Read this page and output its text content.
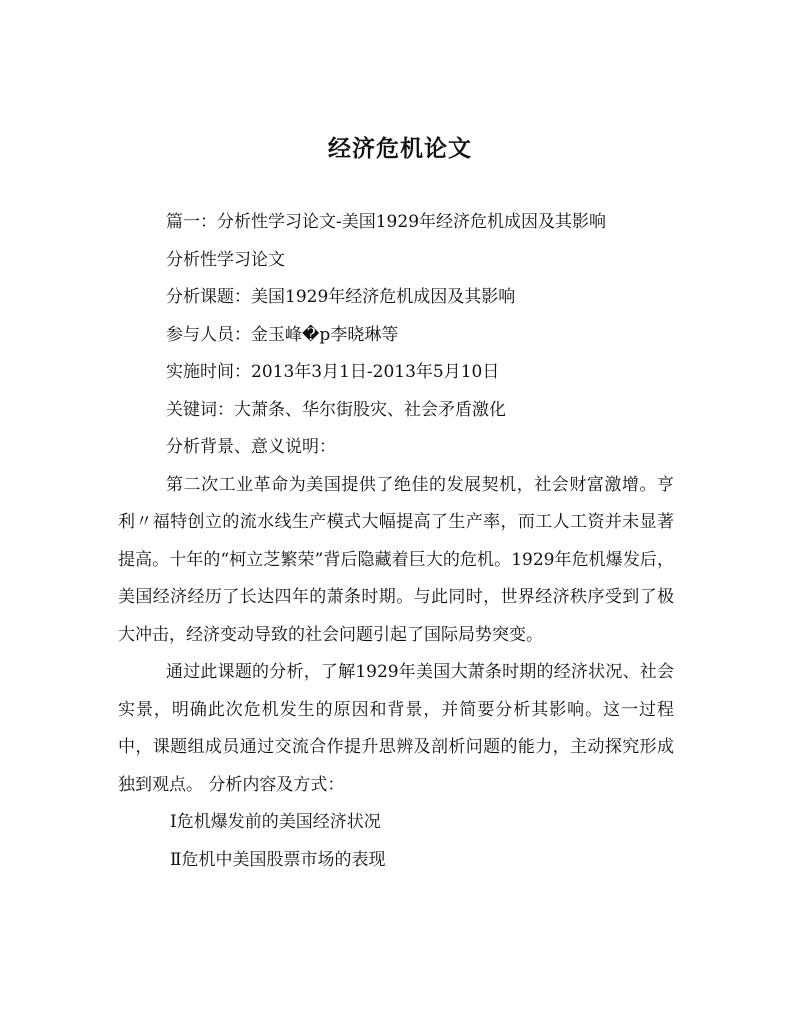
经济危机论文

篇一：分析性学习论文-美国1929年经济危机成因及其影响

分析性学习论文

分析课题：美国1929年经济危机成因及其影响

参与人员：金玉峰�p李晓琳等

实施时间：2013年3月1日-2013年5月10日

关键词：大萧条、华尔街股灾、社会矛盾激化

分析背景、意义说明：

第二次工业革命为美国提供了绝佳的发展契机，社会财富激增。亨利〃福特创立的流水线生产模式大幅提高了生产率，而工人工资并未显著提高。十年的“柯立芝繁荣”背后隐藏着巨大的危机。1929年危机爆发后，美国经济经历了长达四年的萧条时期。与此同时，世界经济秩序受到了极大冲击，经济变动导致的社会问题引起了国际局势突变。

通过此课题的分析，了解1929年美国大萧条时期的经济状况、社会实景，明确此次危机发生的原因和背景，并简要分析其影响。这一过程中，课题组成员通过交流合作提升思辨及剖析问题的能力，主动探究形成独到观点。 分析内容及方式：

Ⅰ危机爆发前的美国经济状况

Ⅱ危机中美国股票市场的表现
